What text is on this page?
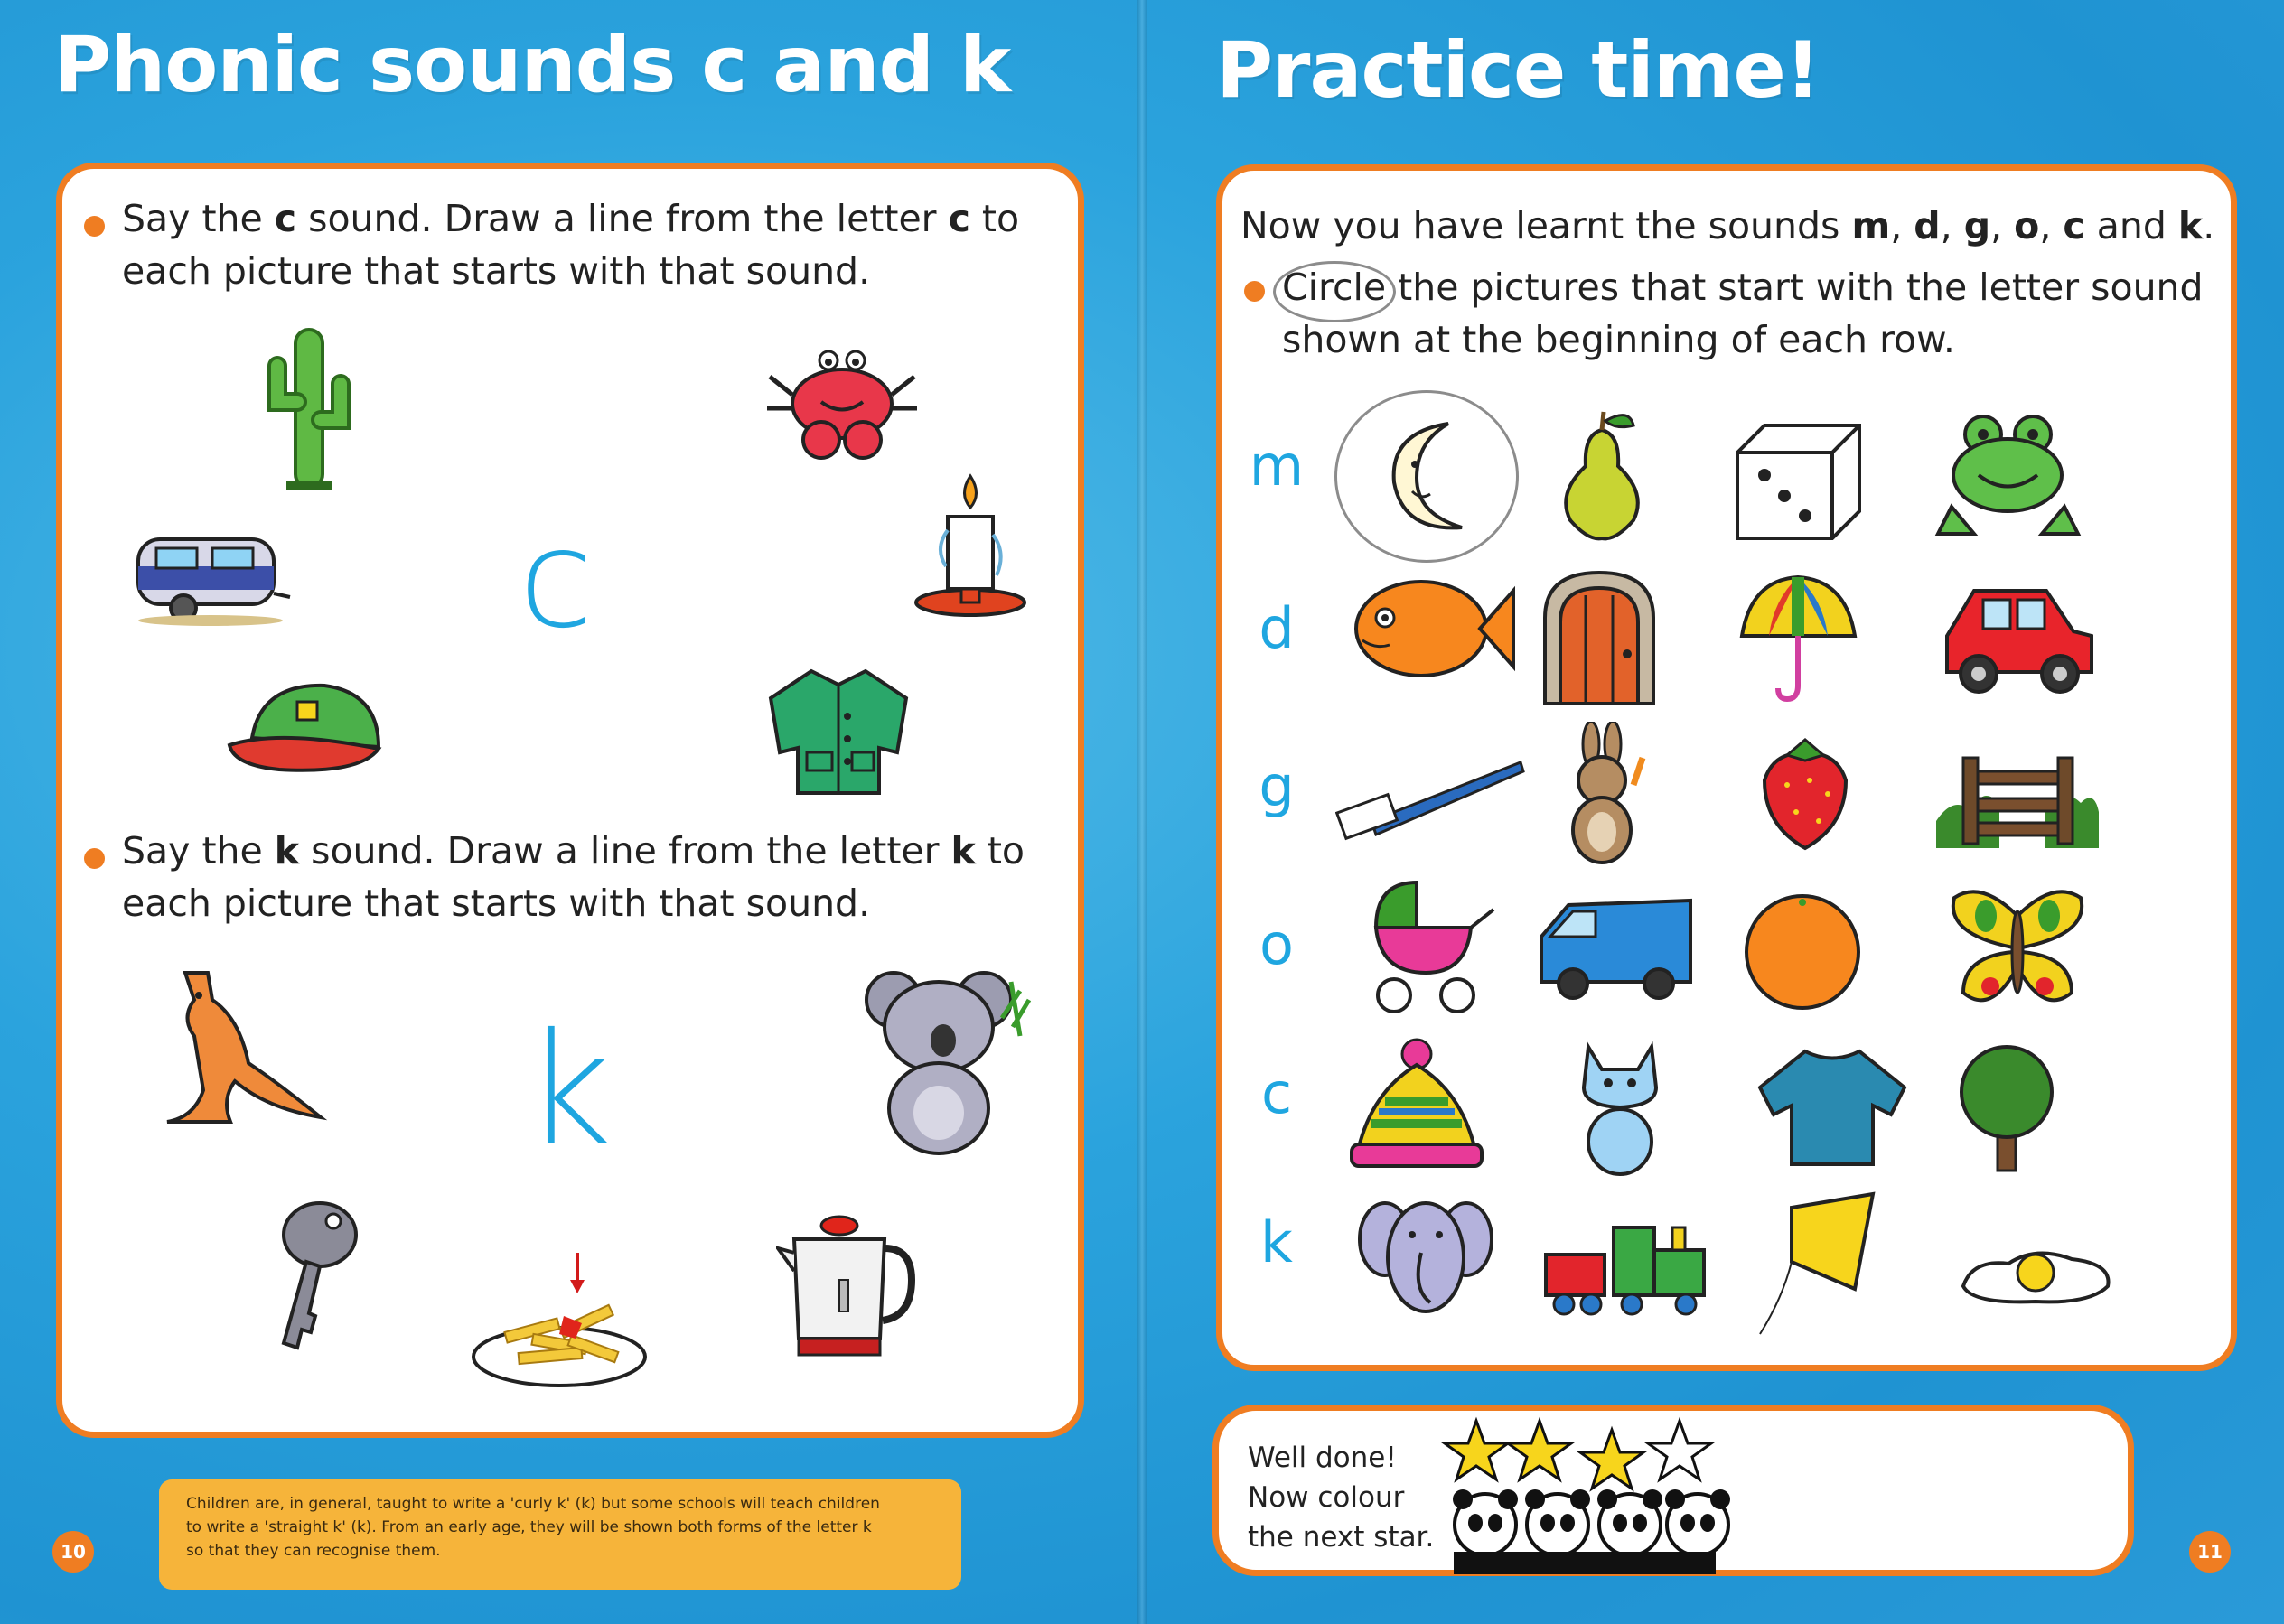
Phonic sounds c and k
Say the c sound. Draw a line from the letter c to
each picture that starts with that sound.
c
Say the k sound. Draw a line from the letter k to
each picture that starts with that sound.
k
10

Children are, in general, taught to write a 'curly k' (k) but some schools will teach children

to write a 'straight k' (k). From an early age, they will be shown both forms of the letter k

so that they can recognise them.

Practice time!
Now you have learnt the sounds m, d, g, o, c and k.
Circle the pictures that start with the letter sound
shown at the beginning of each row.
m
d
g
o
c
k

Well done!

Now colour

the next star.	11
